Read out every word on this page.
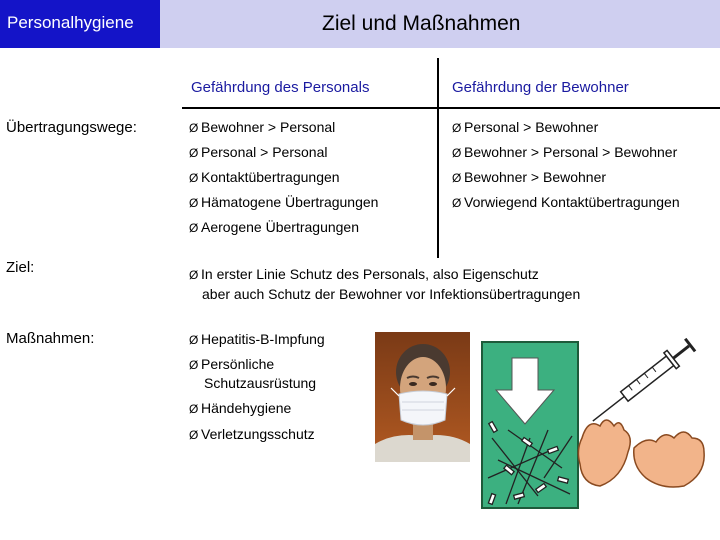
Personalhygiene	Ziel und Maßnahmen
Gefährdung des Personals	Gefährdung der Bewohner
Übertragungswege:
Ziel:
Maßnahmen:
Ø Bewohner > Personal
Ø Personal > Personal
Ø Kontaktübertragungen
Ø Hämatogene Übertragungen
Ø Aerogene Übertragungen
Ø Personal > Bewohner
Ø Bewohner > Personal > Bewohner
Ø Bewohner > Bewohner
Ø Vorwiegend Kontaktübertragungen
Ø In erster Linie Schutz des Personals, also Eigenschutz
aber auch Schutz der Bewohner vor Infektionsübertragungen
Ø Hepatitis-B-Impfung
Ø Persönliche
Schutzausrüstung
Ø Händehygiene
Ø Verletzungsschutz
